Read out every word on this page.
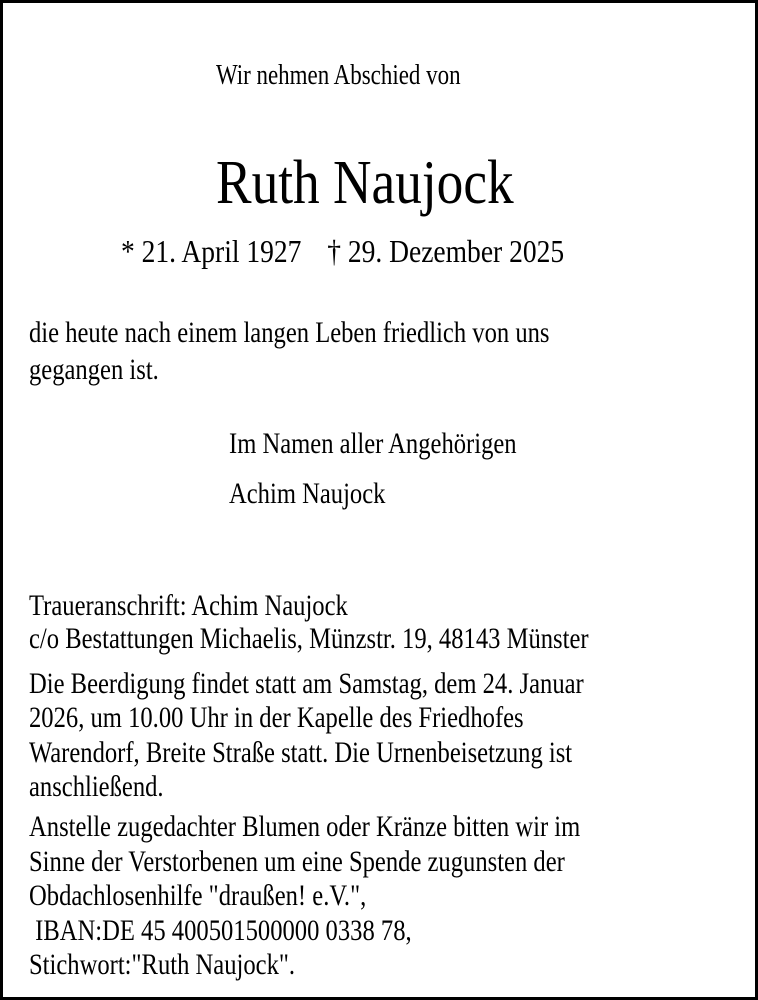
Wir nehmen Abschied von
Ruth Naujock
* 21. April 1927 † 29. Dezember 2025
die heute nach einem langen Leben friedlich von uns
gegangen ist.
Im Namen aller Angehörigen
Achim Naujock
Traueranschrift: Achim Naujock
c/o Bestattungen Michaelis, Münzstr. 19, 48143 Münster
Die Beerdigung findet statt am Samstag, dem 24. Januar
2026, um 10.00 Uhr in der Kapelle des Friedhofes
Warendorf, Breite Straße statt. Die Urnenbeisetzung ist
anschließend.
Anstelle zugedachter Blumen oder Kränze bitten wir im
Sinne der Verstorbenen um eine Spende zugunsten der
Obdachlosenhilfe "draußen! e.V.",
IBAN:DE 45 400501500000 0338 78,
Stichwort:"Ruth Naujock".
